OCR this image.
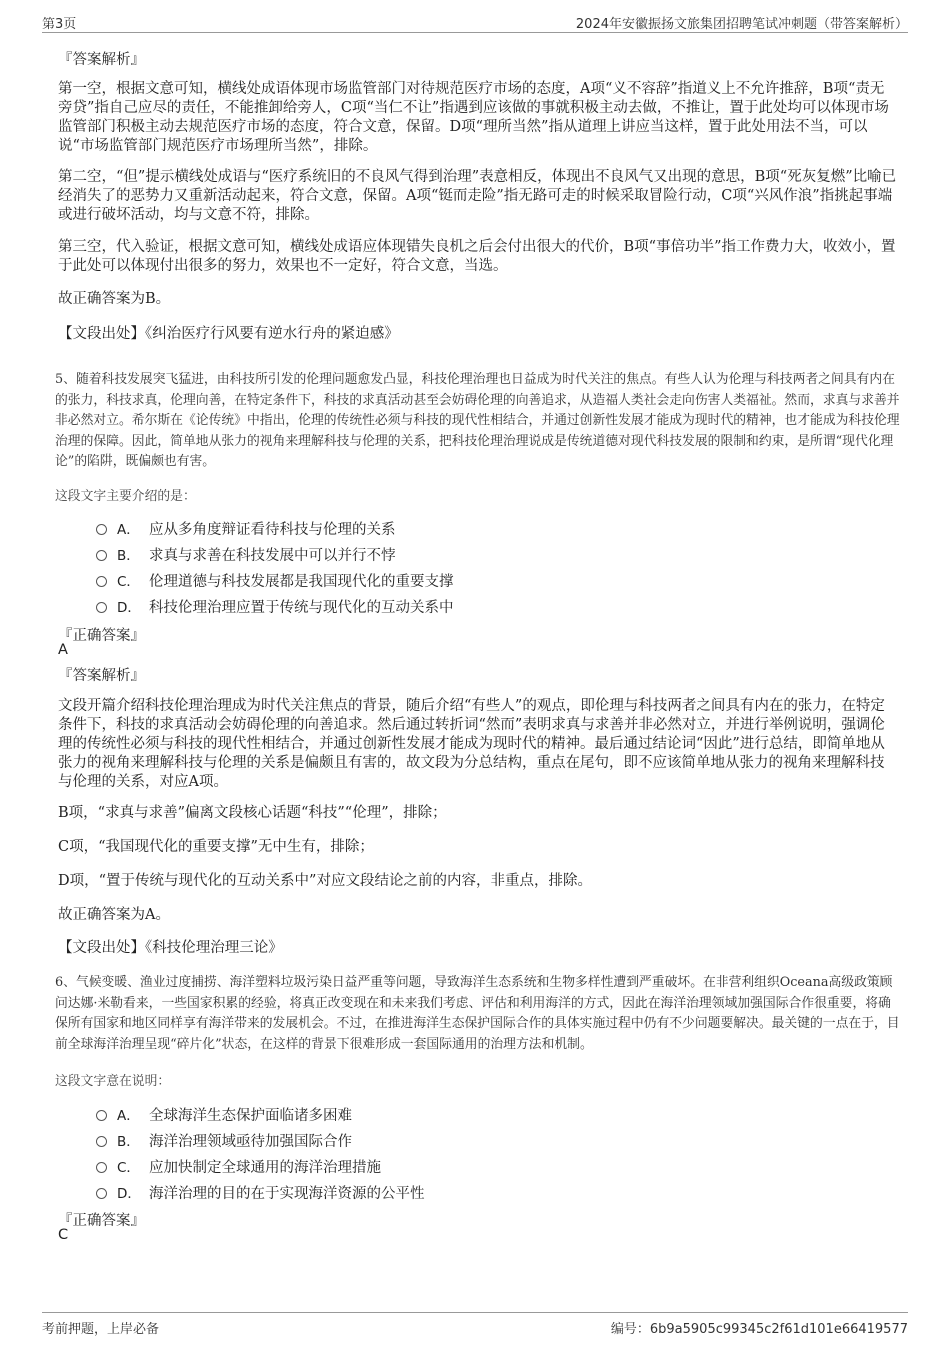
第3页	2024年安徽振扬文旅集团招聘笔试冲刺题（带答案解析）
『答案解析』
第一空，根据文意可知，横线处成语体现市场监管部门对待规范医疗市场的态度，A项“义不容辞”指道义上不允许推辞，B项“责无旁贷”指自己应尽的责任，不能推卸给旁人，C项“当仁不让”指遇到应该做的事就积极主动去做，不推让，置于此处均可以体现市场监管部门积极主动去规范医疗市场的态度，符合文意，保留。D项“理所当然”指从道理上讲应当这样，置于此处用法不当，可以说“市场监管部门规范医疗市场理所当然”，排除。
第二空，“但”提示横线处成语与“医疗系统旧的不良风气得到治理”表意相反，体现出不良风气又出现的意思，B项“死灰复燃”比喻已经消失了的恶势力又重新活动起来，符合文意，保留。A项“铤而走险”指无路可走的时候采取冒险行动，C项“兴风作浪”指挑起事端或进行破坏活动，均与文意不符，排除。
第三空，代入验证，根据文意可知，横线处成语应体现错失良机之后会付出很大的代价，B项“事倍功半”指工作费力大，收效小，置于此处可以体现付出很多的努力，效果也不一定好，符合文意，当选。
故正确答案为B。
【文段出处】《纠治医疗行风要有逆水行舟的紧迫感》
5、随着科技发展突飞猛进，由科技所引发的伦理问题愈发凸显，科技伦理治理也日益成为时代关注的焦点。有些人认为伦理与科技两者之间具有内在的张力，科技求真，伦理向善，在特定条件下，科技的求真活动甚至会妨碍伦理的向善追求，从造福人类社会走向伤害人类福祉。然而，求真与求善并非必然对立。希尔斯在《论传统》中指出，伦理的传统性必须与科技的现代性相结合，并通过创新性发展才能成为现时代的精神，也才能成为科技伦理治理的保障。因此，简单地从张力的视角来理解科技与伦理的关系，把科技伦理治理说成是传统道德对现代科技发展的限制和约束，是所谓“现代化理论”的陷阱，既偏颇也有害。
这段文字主要介绍的是：
A． 应从多角度辩证看待科技与伦理的关系
B． 求真与求善在科技发展中可以并行不悖
C． 伦理道德与科技发展都是我国现代化的重要支撑
D． 科技伦理治理应置于传统与现代化的互动关系中
『正确答案』
A
『答案解析』
文段开篇介绍科技伦理治理成为时代关注焦点的背景，随后介绍“有些人”的观点，即伦理与科技两者之间具有内在的张力，在特定条件下，科技的求真活动会妨碍伦理的向善追求。然后通过转折词“然而”表明求真与求善并非必然对立，并进行举例说明，强调伦理的传统性必须与科技的现代性相结合，并通过创新性发展才能成为现时代的精神。最后通过结论词“因此”进行总结，即简单地从张力的视角来理解科技与伦理的关系是偏颇且有害的，故文段为分总结构，重点在尾句，即不应该简单地从张力的视角来理解科技与伦理的关系，对应A项。
B项，“求真与求善”偏离文段核心话题“科技”“伦理”，排除；
C项，“我国现代化的重要支撑”无中生有，排除；
D项，“置于传统与现代化的互动关系中”对应文段结论之前的内容，非重点，排除。
故正确答案为A。
【文段出处】《科技伦理治理三论》
6、气候变暖、渔业过度捕捞、海洋塑料垃圾污染日益严重等问题，导致海洋生态系统和生物多样性遭到严重破坏。在非营利组织Oceana高级政策顾问达娜·米勒看来，一些国家积累的经验，将真正改变现在和未来我们考虑、评估和利用海洋的方式，因此在海洋治理领域加强国际合作很重要，将确保所有国家和地区同样享有海洋带来的发展机会。不过，在推进海洋生态保护国际合作的具体实施过程中仍有不少问题要解决。最关键的一点在于，目前全球海洋治理呈现“碎片化”状态，在这样的背景下很难形成一套国际通用的治理方法和机制。
这段文字意在说明：
A． 全球海洋生态保护面临诸多困难
B． 海洋治理领域亟待加强国际合作
C． 应加快制定全球通用的海洋治理措施
D． 海洋治理的目的在于实现海洋资源的公平性
『正确答案』
C
考前押题，上岸必备	编号：6b9a5905c99345c2f61d101e66419577
